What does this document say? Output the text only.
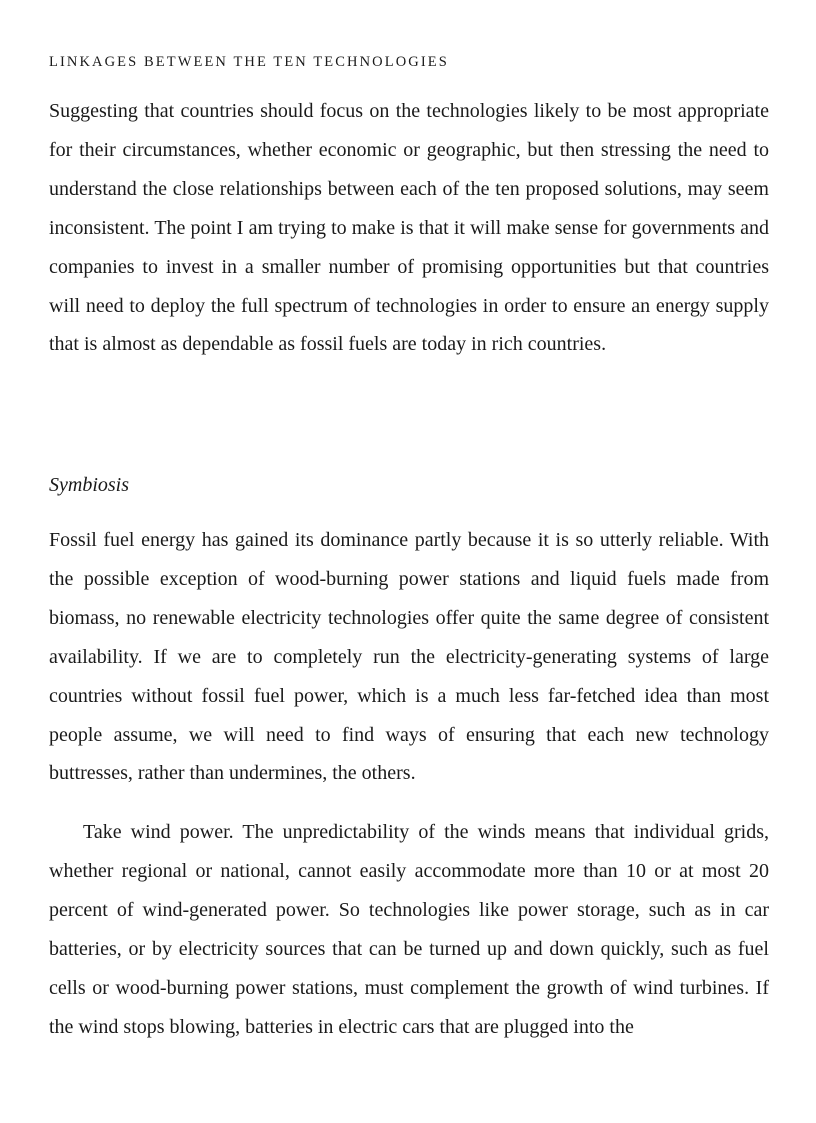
LINKAGES BETWEEN THE TEN TECHNOLOGIES

Suggesting that countries should focus on the technologies likely to be most appropriate for their circumstances, whether economic or geographic, but then stressing the need to understand the close relationships between each of the ten proposed solutions, may seem inconsistent. The point I am trying to make is that it will make sense for governments and companies to invest in a smaller number of promising opportunities but that countries will need to deploy the full spectrum of technologies in order to ensure an energy supply that is almost as dependable as fossil fuels are today in rich countries.

Symbiosis

Fossil fuel energy has gained its dominance partly because it is so utterly reliable. With the possible exception of wood-burning power stations and liquid fuels made from biomass, no renewable electricity technologies offer quite the same degree of consistent availability. If we are to completely run the electricity-generating systems of large countries without fossil fuel power, which is a much less far-fetched idea than most people assume, we will need to find ways of ensuring that each new technology buttresses, rather than undermines, the others.

Take wind power. The unpredictability of the winds means that individual grids, whether regional or national, cannot easily accommodate more than 10 or at most 20 percent of wind-generated power. So technologies like power storage, such as in car batteries, or by electricity sources that can be turned up and down quickly, such as fuel cells or wood-burning power stations, must complement the growth of wind turbines. If the wind stops blowing, batteries in electric cars that are plugged into the
